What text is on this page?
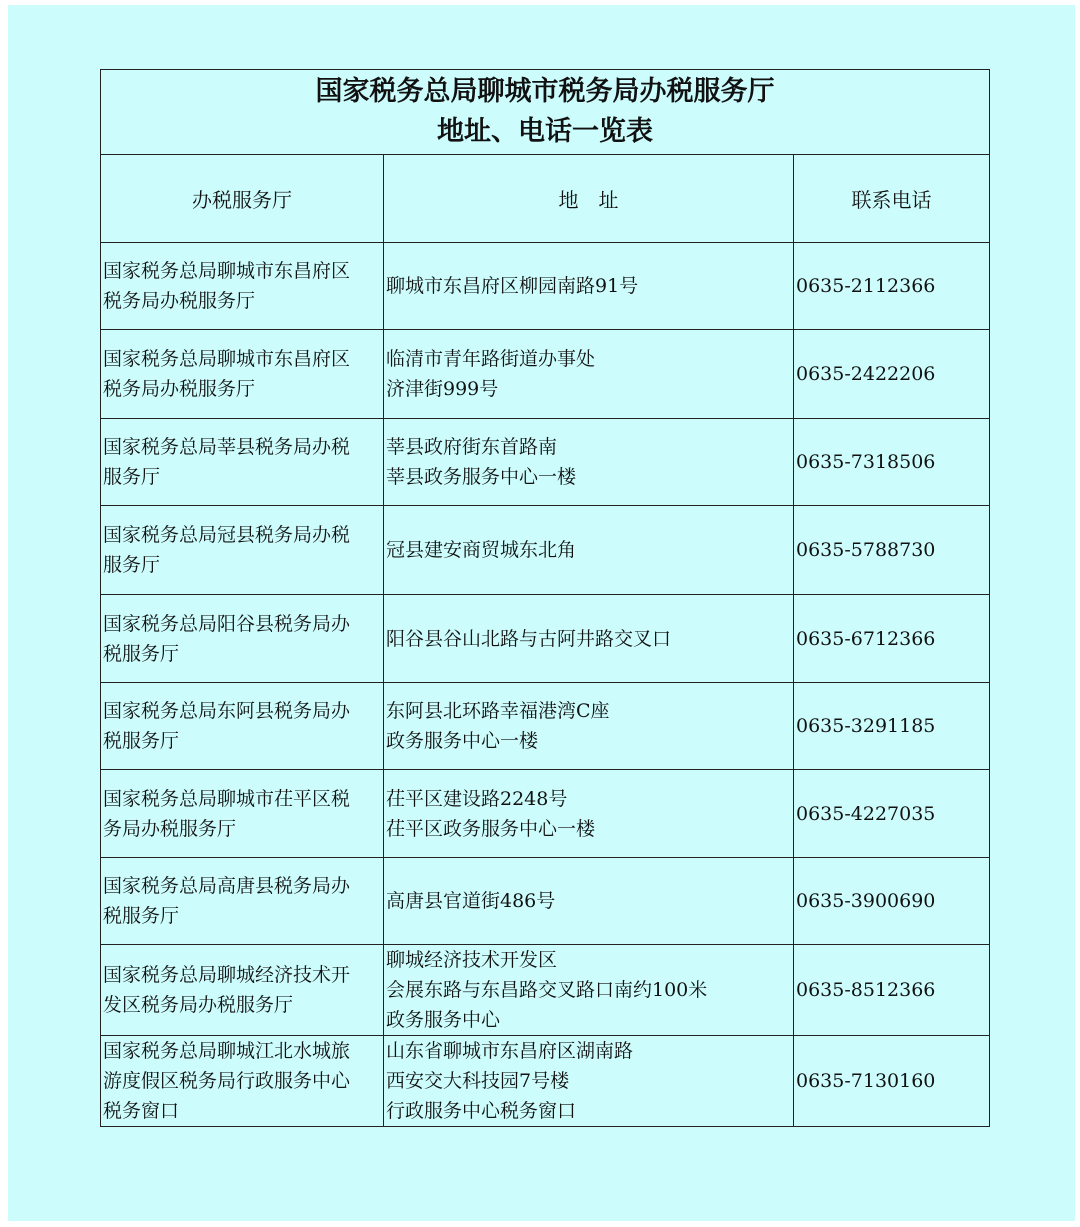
国家税务总局聊城市税务局办税服务厅
地址、电话一览表		

办税服务厅	地　址	联系电话

国家税务总局聊城市东昌府区
税务局办税服务厅	聊城市东昌府区柳园南路91号	0635-2112366

国家税务总局聊城市东昌府区
税务局办税服务厅	临清市青年路街道办事处
济津街999号	0635-2422206

国家税务总局莘县税务局办税
服务厅	莘县政府街东首路南
莘县政务服务中心一楼	0635-7318506

国家税务总局冠县税务局办税
服务厅	冠县建安商贸城东北角	0635-5788730

国家税务总局阳谷县税务局办
税服务厅	阳谷县谷山北路与古阿井路交叉口	0635-6712366

国家税务总局东阿县税务局办
税服务厅	东阿县北环路幸福港湾C座
政务服务中心一楼	0635-3291185

国家税务总局聊城市茌平区税
务局办税服务厅	茌平区建设路2248号
茌平区政务服务中心一楼	0635-4227035

国家税务总局高唐县税务局办
税服务厅	高唐县官道街486号	0635-3900690

国家税务总局聊城经济技术开
发区税务局办税服务厅	聊城经济技术开发区
会展东路与东昌路交叉路口南约100米
政务服务中心	0635-8512366

国家税务总局聊城江北水城旅
游度假区税务局行政服务中心
税务窗口	山东省聊城市东昌府区湖南路
西安交大科技园7号楼
行政服务中心税务窗口	0635-7130160
